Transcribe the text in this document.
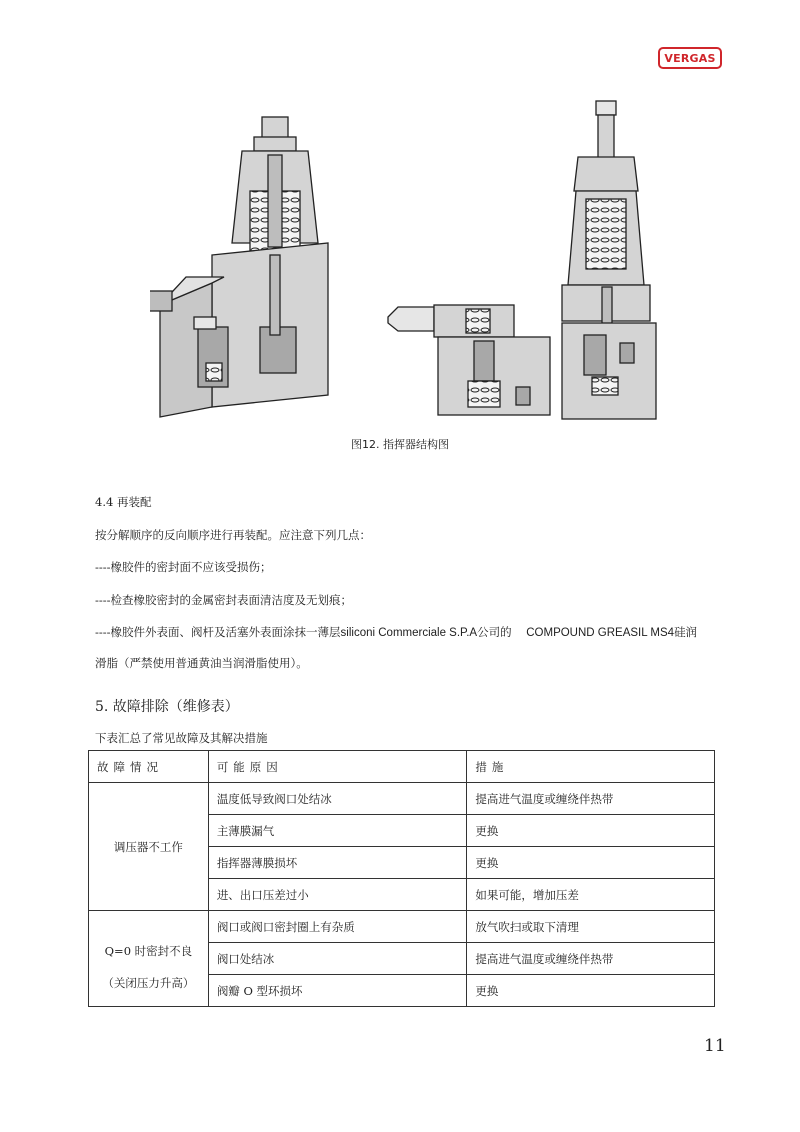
VERGAS
图12. 指挥器结构图
4.4 再装配
按分解顺序的反向顺序进行再装配。应注意下列几点：
----橡胶件的密封面不应该受损伤；
----检查橡胶密封的金属密封表面清洁度及无划痕；
----橡胶件外表面、阀杆及活塞外表面涂抹一薄层siliconi Commerciale S.P.A公司的 COMPOUND GREASIL MS4硅润
滑脂（严禁使用普通黄油当润滑脂使用）。
5. 故障排除（维修表）
下表汇总了常见故障及其解决措施
故障情况	可能原因	措施
调压器不工作	温度低导致阀口处结冰	提高进气温度或缠绕伴热带
	主薄膜漏气	更换
	指挥器薄膜损坏	更换
	进、出口压差过小	如果可能，增加压差

Q=0 时密封不良
（关闭压力升高）	阀口或阀口密封圈上有杂质	放气吹扫或取下清理
	阀口处结冰	提高进气温度或缠绕伴热带
	阀瓣 O 型环损坏	更换
11
